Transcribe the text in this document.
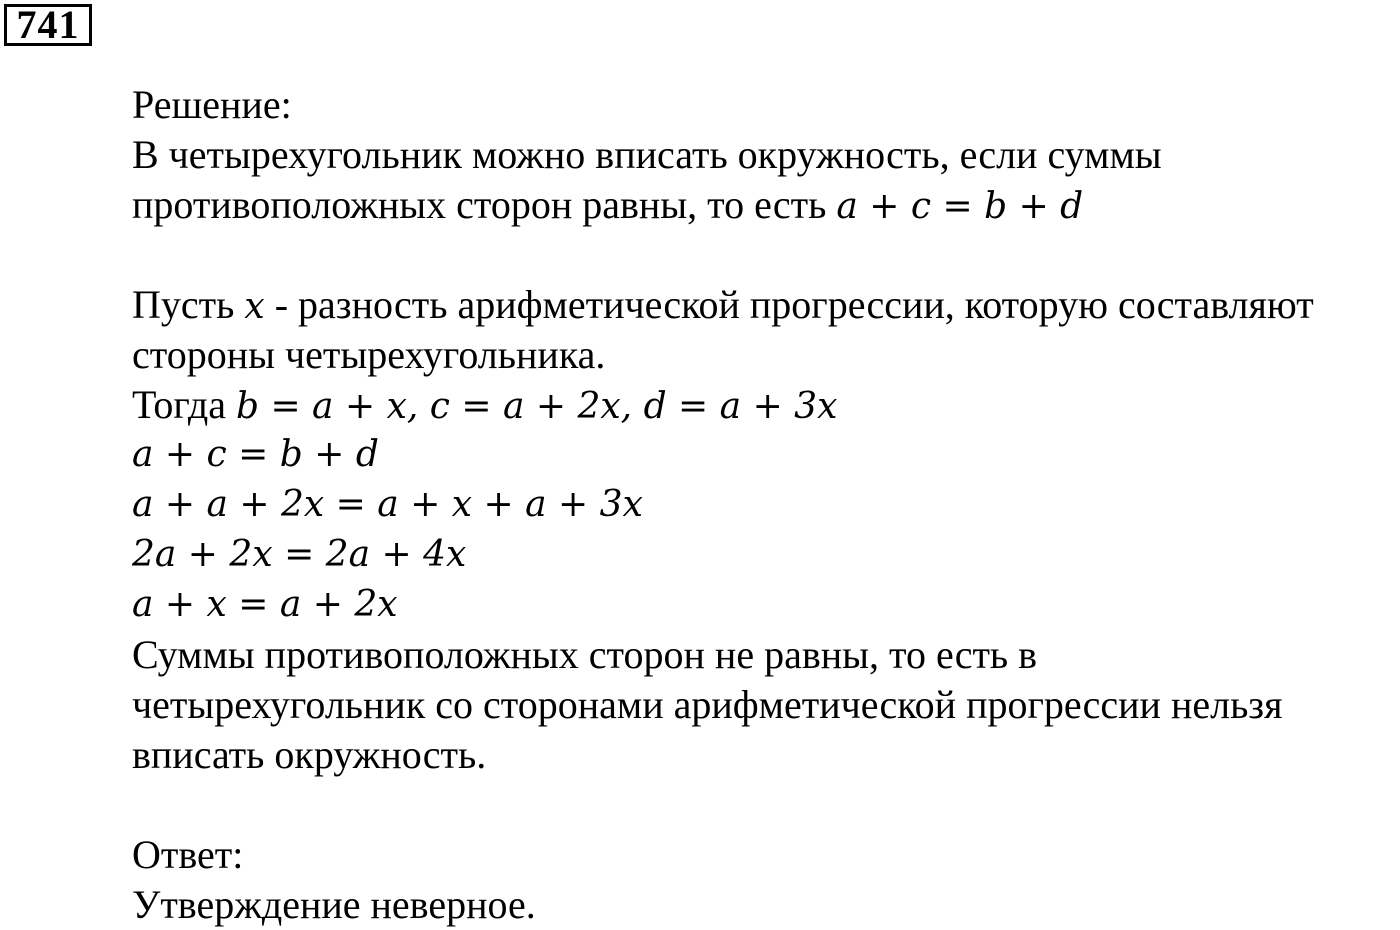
741
Решение:
В четырехугольник можно вписать окружность, если суммы
противоположных сторон равны, то есть a + c = b + d
Пусть x - разность арифметической прогрессии, которую составляют
стороны четырехугольника.
Тогда b = a + x, c = a + 2x, d = a + 3x
a + c = b + d
a + a + 2x = a + x + a + 3x
2a + 2x = 2a + 4x
a + x = a + 2x
Суммы противоположных сторон не равны, то есть в
четырехугольник со сторонами арифметической прогрессии нельзя
вписать окружность.
Ответ:
Утверждение неверное.
